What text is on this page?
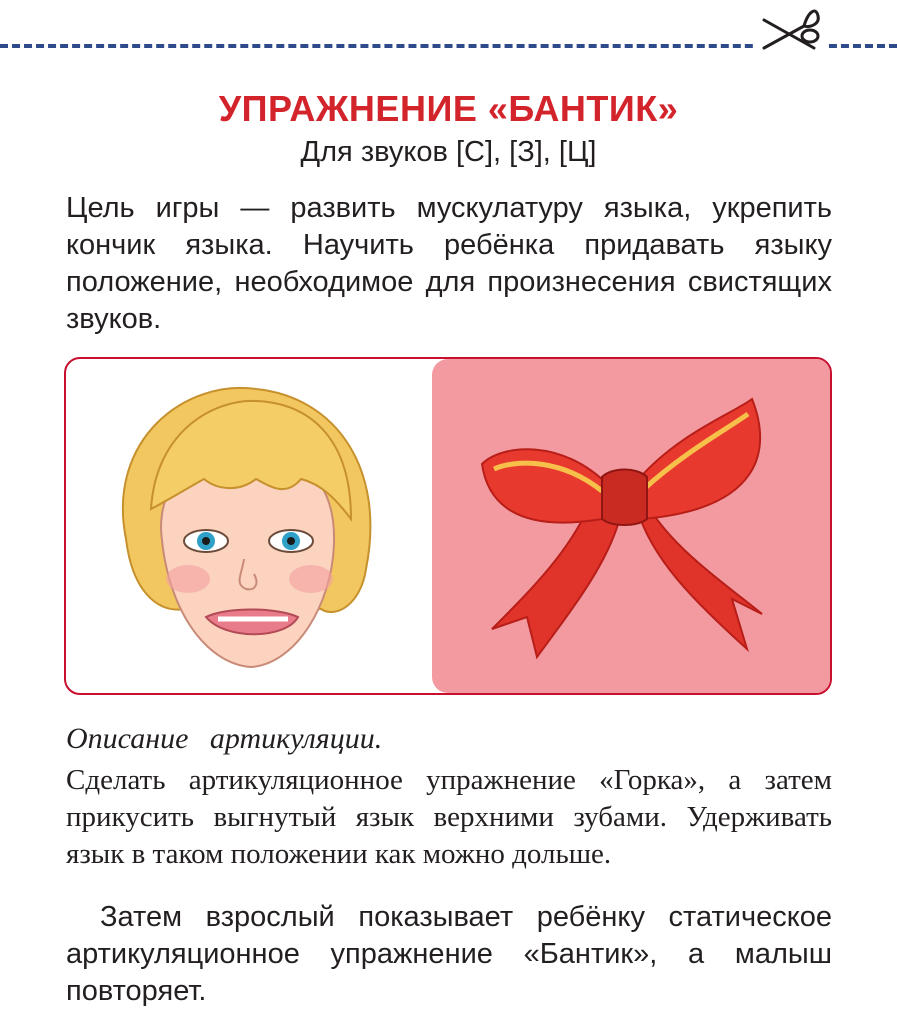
УПРАЖНЕНИЕ «БАНТИК»
Для звуков [С], [З], [Ц]
Цель игры — развить мускулатуру языка, укрепить кончик языка. Научить ребёнка придавать языку положение, необходимое для произнесения свистящих звуков.
Описание артикуляции.
Сделать артикуляционное упражнение «Горка», а затем прикусить выгнутый язык верхними зубами. Удерживать язык в таком положении как можно дольше.
Затем взрослый показывает ребёнку статическое артикуляционное упражнение «Бантик», а малыш повторяет.
